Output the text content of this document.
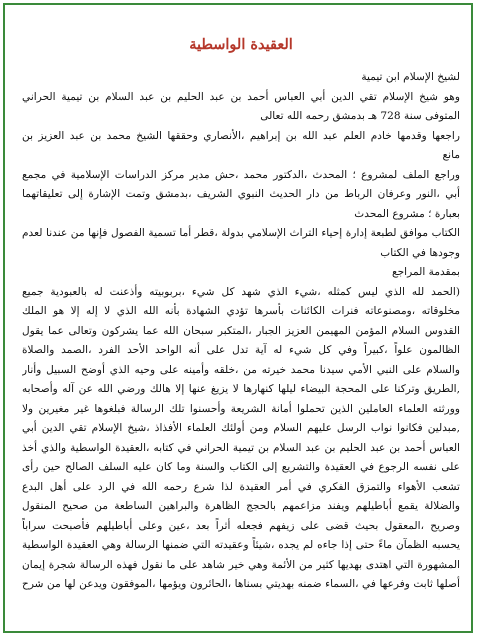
العقيدة الواسطية
لشيخ الإسلام ابن تيمية
وهو شيخ الإسلام تقي الدين أبي العباس أحمد بن عبد الحليم بن عبد السلام بن تيمية الحراني
المتوفى سنة 728 هـ بدمشق رحمه الله تعالى
راجعها وقدمها خادم العلم عبد الله بن إبراهيم ،الأنصاري وحققها الشيخ محمد بن عبد العزيز بن
مانع
وراجع الملف لمشروع ؛ المحدث ،الدكتور محمد ،حش مدير مركز الدراسات الإسلامية في مجمع
أبي ،النور وعرفان الرباط من دار الحديث النبوي الشريف ،بدمشق وتمت الإشارة إلى تعليقاتهما
بعبارة ؛ مشروع المحدث
الكتاب موافق لطبعة إدارة إحياء التراث الإسلامي بدولة ،قطر أما تسمية الفصول فإنها من عندنا لعدم
وجودها في الكتاب
بمقدمة المراجع
(الحمد لله الذي ليس كمثله ،شيء الذي شهد كل شيء ،بربوبيته وأذعنت له بالعبودية جميع
مخلوقاته ،ومصنوعاته فنرات الكائنات بأسرها تؤدي الشهادة بأنه الله الذي لا إله إلا هو الملك
القدوس السلام المؤمن المهيمن العزيز الجبار ،المتكبر سبحان الله عما يشركون وتعالى عما يقول
الظالمون علواً ،كبيراً وفي كل شيء له آية تدل على أنه الواحد الأحد الفرد ،الصمد والصلاة
والسلام على النبي الأمي سيدنا محمد خيرته من ،خلقه وأمينه على وحيه الذي أوضح السبيل وأنار
,الطريق وتركنا على المحجة البيضاء ليلها كنهارها لا يزيغ عنها إلا هالك ورضي الله عن آله وأصحابه
وورثته العلماء العاملين الذين تحملوا أمانة الشريعة وأحسنوا تلك الرسالة فبلغوها غير مغيرين ولا
,مبدلين فكانوا نواب الرسل عليهم السلام ومن أولئك العلماء الأفذاذ ،شيخ الإسلام تقي الدين أبي
العباس أحمد بن عبد الحليم بن عبد السلام بن تيمية الحراني في كتابه ،العقيدة الواسطية والذي أخذ
على نفسه الرجوع في العقيدة والتشريع إلى الكتاب والسنة وما كان عليه السلف الصالح حين رأى
تشعب الأهواء والتمزق الفكري في أمر العقيدة لذا شرع رحمه الله في الرد على أهل البدع
والضلالة يقمع أباطيلهم ويفند مزاعمهم بالحجج الظاهرة والبراهين الساطعة من صحيح المنقول
وصريح ،المعقول بحيث قضى على زيفهم فجعله أثراً بعد ،عين وعلى أباطيلهم فأصبحت سراباً
يحسبه الظمآن ماءً حتى إذا جاءه لم يجده ،شيئاً وعقيدته التي ضمنها الرسالة وهي العقيدة الواسطية
المشهورة التي اهتدى بهديها كثير من الأئمة وهي خير شاهد على ما نقول فهذه الرسالة شجرة إيمان
أصلها ثابت وفرعها في ،السماء ضمنه بهديتي بسناها ،الحائرون ويؤمها ،الموفقون ويدعن لها من شرح
